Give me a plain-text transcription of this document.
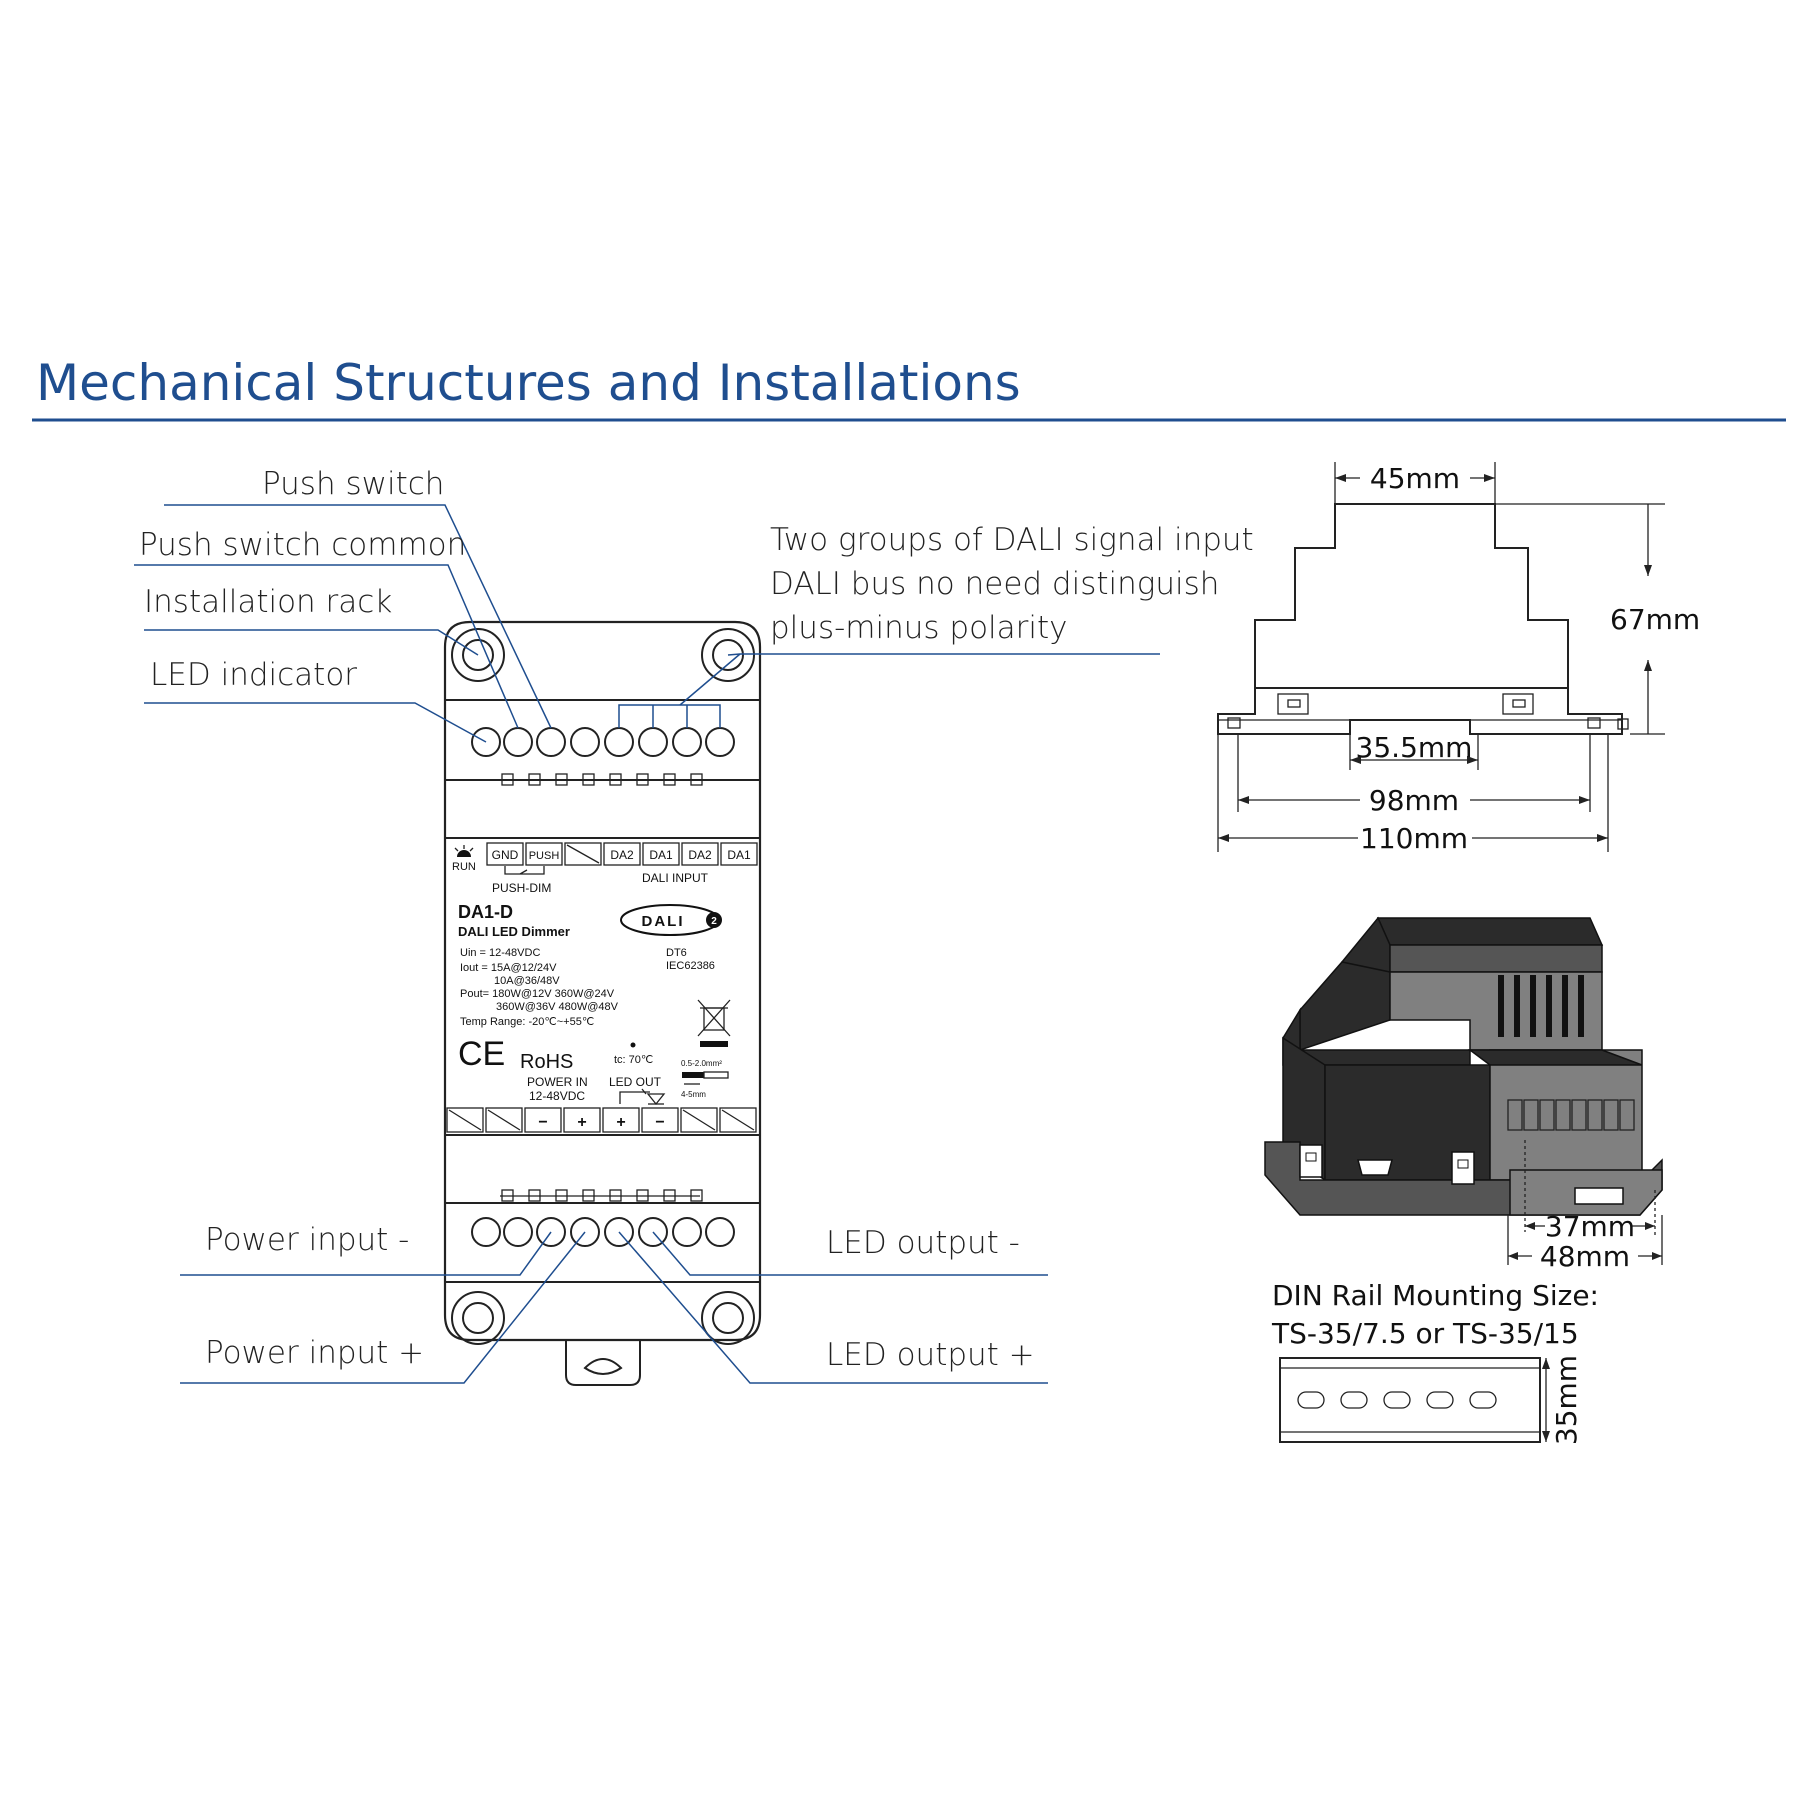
Mechanical Structures and Installations
RUN
GND PUSH	DA2 DA1 DA2 DA1
PUSH-DIM
DALI INPUT
DA1-D
DALI LED Dimmer
DALI	2
Uin = 12-48VDC
Iout = 15A@12/24V
10A@36/48V
Pout= 180W@12V 360W@24V
360W@36V 480W@48V
Temp Range: -20℃~+55℃
DT6
IEC62386
CE RoHS	tc: 70℃	0.5-2.0mm²
4-5mm
POWER IN
12-48VDC
LED OUT
− + + −
Push switch
Push switch common
Installation rack
LED indicator
Two groups of DALI signal input
DALI bus no need distinguish
plus-minus polarity
Power input -
Power input +
LED output -
LED output +
45mm
67mm
35.5mm
98mm
110mm
37mm
48mm
DIN Rail Mounting Size:
TS-35/7.5 or TS-35/15
35mm
